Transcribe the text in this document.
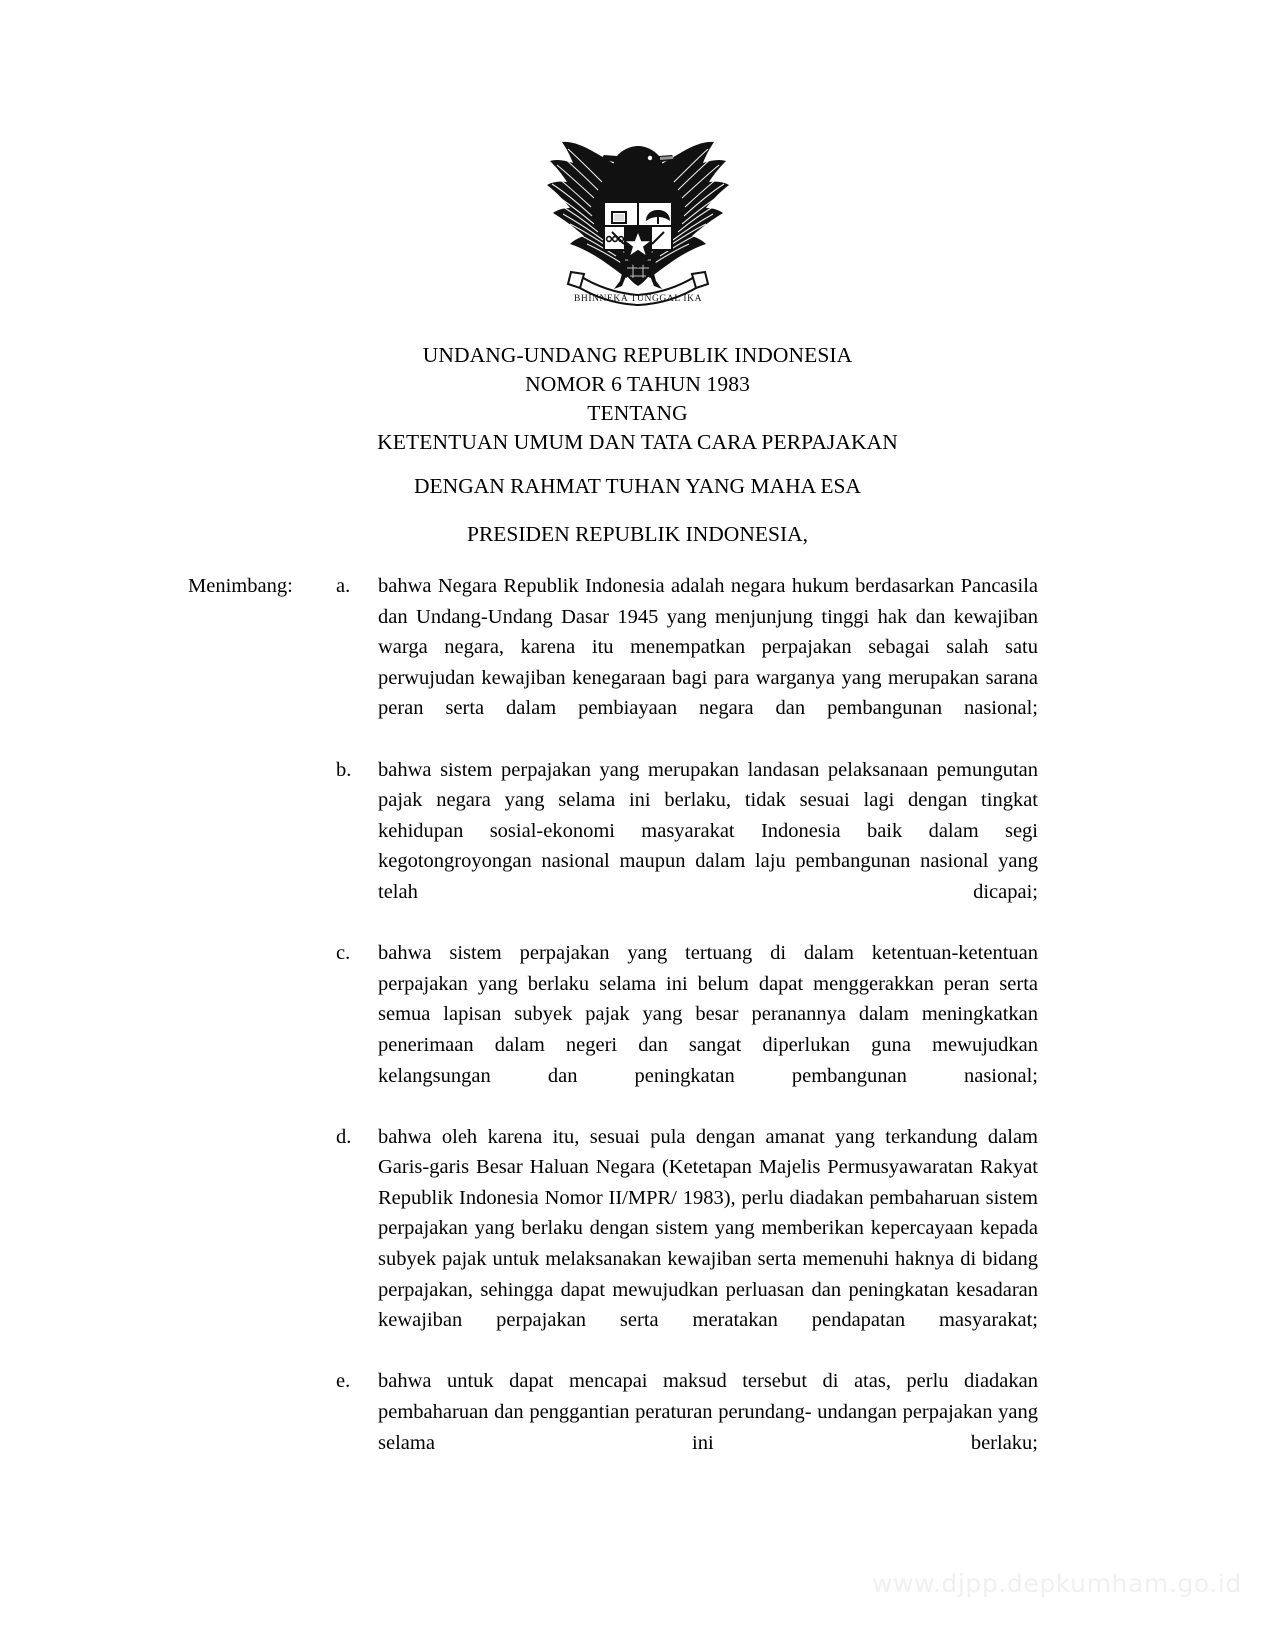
BHINNEKA TUNGGAL IKA
UNDANG-UNDANG REPUBLIK INDONESIA
NOMOR 6 TAHUN 1983
TENTANG
KETENTUAN UMUM DAN TATA CARA PERPAJAKAN
DENGAN RAHMAT TUHAN YANG MAHA ESA
PRESIDEN REPUBLIK INDONESIA,
Menimbang:	a.	bahwa Negara Republik Indonesia adalah negara hukum berdasarkan Pancasila dan Undang-Undang Dasar 1945 yang menjunjung tinggi hak dan kewajiban warga negara, karena itu menempatkan perpajakan sebagai salah satu perwujudan kewajiban kenegaraan bagi para warganya yang merupakan sarana peran serta dalam pembiayaan negara dan pembangunan nasional;
b.	bahwa sistem perpajakan yang merupakan landasan pelaksanaan pemungutan pajak negara yang selama ini berlaku, tidak sesuai lagi dengan tingkat kehidupan sosial-ekonomi masyarakat Indonesia baik dalam segi kegotongroyongan nasional maupun dalam laju pembangunan nasional yang telah dicapai;
c.	bahwa sistem perpajakan yang tertuang di dalam ketentuan-ketentuan perpajakan yang berlaku selama ini belum dapat menggerakkan peran serta semua lapisan subyek pajak yang besar peranannya dalam meningkatkan penerimaan dalam negeri dan sangat diperlukan guna mewujudkan kelangsungan dan peningkatan pembangunan nasional;
d.	bahwa oleh karena itu, sesuai pula dengan amanat yang terkandung dalam Garis-garis Besar Haluan Negara (Ketetapan Majelis Permusyawaratan Rakyat Republik Indonesia Nomor II/MPR/ 1983), perlu diadakan pembaharuan sistem perpajakan yang berlaku dengan sistem yang memberikan kepercayaan kepada subyek pajak untuk melaksanakan kewajiban serta memenuhi haknya di bidang perpajakan, sehingga dapat mewujudkan perluasan dan peningkatan kesadaran kewajiban perpajakan serta meratakan pendapatan masyarakat;
e.	bahwa untuk dapat mencapai maksud tersebut di atas, perlu diadakan pembaharuan dan penggantian peraturan perundang- undangan perpajakan yang selama ini berlaku;
www.djpp.depkumham.go.id
